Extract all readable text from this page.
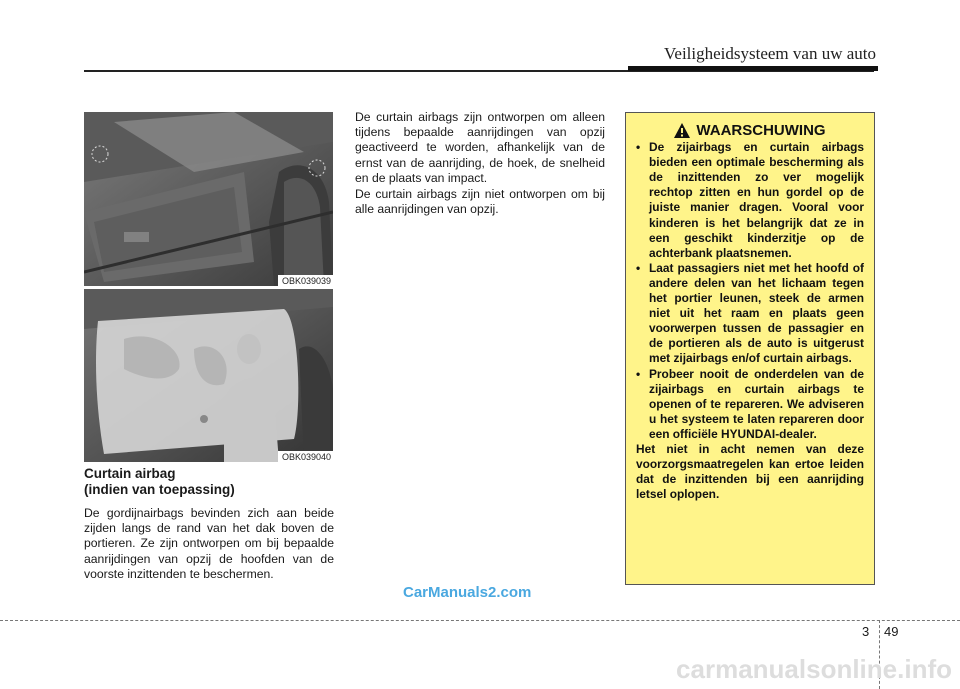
Veiligheidsysteem van uw auto
OBK039039
OBK039040
Curtain airbag
(indien van toepassing)
De gordijnairbags bevinden zich aan beide zijden langs de rand van het dak boven de portieren. Ze zijn ontworpen om bij bepaalde aanrijdingen van opzij de hoofden van de voorste inzittenden te beschermen.
De curtain airbags zijn ontworpen om alleen tijdens bepaalde aanrijdingen van opzij geactiveerd te worden, afhankelijk van de ernst van de aanrijding, de hoek, de snelheid en de plaats van impact.
De curtain airbags zijn niet ontworpen om bij alle aanrijdingen van opzij.
WAARSCHUWING
• De zijairbags en curtain airbags bieden een optimale bescherming als de inzittenden zo ver mogelijk rechtop zitten en hun gordel op de juiste manier dragen. Vooral voor kinderen is het belangrijk dat ze in een geschikt kinderzitje op de achterbank plaatsnemen.
• Laat passagiers niet met het hoofd of andere delen van het lichaam tegen het portier leunen, steek de armen niet uit het raam en plaats geen voorwerpen tussen de passagier en de portieren als de auto is uitgerust met zijairbags en/of curtain airbags.
• Probeer nooit de onderdelen van de zijairbags en curtain airbags te openen of te repareren. We adviseren u het systeem te laten repareren door een officiële HYUNDAI-dealer.
Het niet in acht nemen van deze voorzorgsmaatregelen kan ertoe leiden dat de inzittenden bij een aanrijding letsel oplopen.
CarManuals2.com
3 49
carmanualsonline.info
